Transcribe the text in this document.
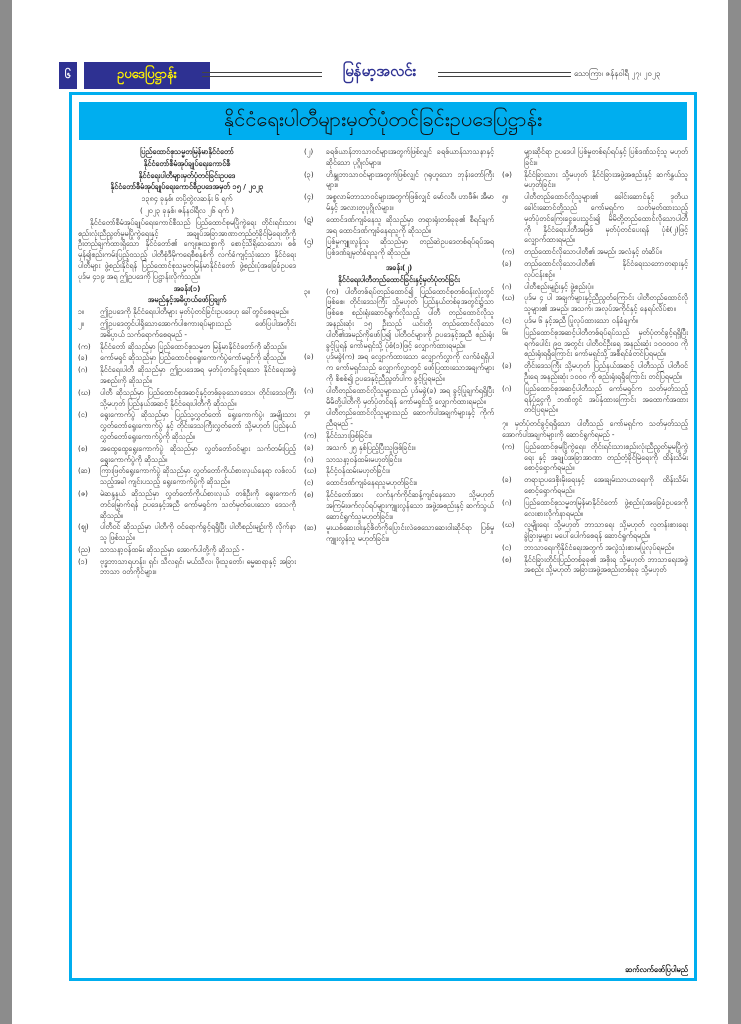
၆	ဥပဒေပြဋ္ဌာန်း	မြန်မာ့အလင်း	သောကြာ၊ ဇန်နဝါရီ ၂၇၊ ၂၀၂၃
နိုင်ငံရေးပါတီများမှတ်ပုံတင်ခြင်းဥပဒေပြဋ္ဌာန်း

ပြည်ထောင်စုသမ္မတမြန်မာနိုင်ငံတော်

နိုင်ငံတော်စီမံအုပ်ချုပ်ရေးကောင်စီ

နိုင်ငံရေးပါတီများမှတ်ပုံတင်ခြင်းဥပဒေ

နိုင်ငံတော်စီမံအုပ်ချုပ်ရေးကောင်စီဥပဒေအမှတ် ၁၅ / ၂၀၂၃

၁၃၈၄ ခုနှစ်၊ တပို့တွဲလဆန်း ၆ ရက်

( ၂၀၂၃ ခုနှစ်၊ ဇန်နဝါရီလ ၂၆ ရက် )

နိုင်ငံတော်စီမံအုပ်ချုပ်ရေးကောင်စီသည် ပြည်ထောင်စုမပြိုကွဲရေး တိုင်းရင်းသားစည်းလုံးညီညွတ်မှုမပြိုကွဲရေးနှင့် အချုပ်အခြာအာဏာတည်တံ့ခိုင်မြဲရေးတို့ကို ဦးတည်ချက်ထားရှိသော နိုင်ငံတော်၏ ကျေးဇူးသစ္စာကို စောင့်သိရိုသေသော၊ စစ်မှန်၍စည်းကမ်းပြည့်ဝသည့် ပါတီစုံဒီမိုကရေစီစနစ်ကို လက်ခံကျင့်သုံးသော နိုင်ငံရေးပါတီများ ဖွဲ့စည်းနိုင်ရန် ပြည်ထောင်စုသမ္မတမြန်မာနိုင်ငံတော် ဖွဲ့စည်းပုံအခြေခံဥပဒေပုဒ်မ ၄၁၉ အရ ဤဥပဒေကို ပြဋ္ဌာန်းလိုက်သည်။

အခန်း(၁)

အမည်နှင့်အဓိပ္ပာယ်ဖော်ပြချက်

၁။	ဤဥပဒေကို နိုင်ငံရေးပါတီများ မှတ်ပုံတင်ခြင်းဥပဒေဟု ခေါ်တွင်စေရမည်။
၂။	ဤဥပဒေတွင်ပါရှိသောအောက်ပါစကားရပ်များသည် ဖော်ပြပါအတိုင်း အဓိပ္ပာယ် သက်ရောက်စေရမည် -
(က)	နိုင်ငံတော် ဆိုသည်မှာ ပြည်ထောင်စုသမ္မတ မြန်မာနိုင်ငံတော်ကို ဆိုသည်။
(ခ)	ကော်မရှင် ဆိုသည်မှာ ပြည်ထောင်စုရွေးကောက်ပွဲကော်မရှင်ကို ဆိုသည်။
(ဂ)	နိုင်ငံရေးပါတီ ဆိုသည်မှာ ဤဥပဒေအရ မှတ်ပုံတင်ခွင့်ရသော နိုင်ငံရေးအဖွဲ့အစည်းကို ဆိုသည်။
(ဃ)	ပါတီ ဆိုသည်မှာ ပြည်ထောင်စုအဆင့်နှင့်တစ်ခုခုသောဒေသ၊ တိုင်းဒေသကြီး သို့မဟုတ် ပြည်နယ်အဆင့် နိုင်ငံရေးပါတီကို ဆိုသည်။
(င)	ရွေးကောက်ပွဲ ဆိုသည်မှာ ပြည်သူ့လွှတ်တော် ရွေးကောက်ပွဲ၊ အမျိုးသားလွှတ်တော်ရွေးကောက်ပွဲ နှင့် တိုင်းဒေသကြီးလွှတ်တော် သို့မဟုတ် ပြည်နယ်လွှတ်တော်ရွေးကောက်ပွဲကို ဆိုသည်။
(စ)	အထွေထွေရွေးကောက်ပွဲ ဆိုသည်မှာ လွှတ်တော်ဝင်များ သက်တမ်းပြည့်ရွေးကောက်ပွဲကို ဆိုသည်။
(ဆ)	ကြားဖြတ်ရွေးကောက်ပွဲ ဆိုသည်မှာ လွှတ်တော်ကိုယ်စားလှယ်နေရာ လစ်လပ်သည့်အခါ ကျင်းပသည့် ရွေးကောက်ပွဲကို ဆိုသည်။
(ဇ)	မဲဆန္ဒနယ် ဆိုသည်မှာ လွှတ်တော်ကိုယ်စားလှယ် တစ်ဦးကို ရွေးကောက်တင်မြှောက်ရန် ဥပဒေနှင့်အညီ ကော်မရှင်က သတ်မှတ်ပေးသော ဒေသကို ဆိုသည်။
(ဈ)	ပါတီဝင် ဆိုသည်မှာ ပါတီကို ဝင်ရောက်ခွင့်ရရှိပြီး ပါတီစည်းမျဉ်းကို လိုက်နာသူ ဖြစ်သည်။
(ည)	သာသနာ့ဝန်ထမ်း ဆိုသည်မှာ အောက်ပါတို့ကို ဆိုသည် -
(၁)	ဗုဒ္ဓဘာသာရဟန်း၊ ရှင်၊ သီလရှင်၊ မယ်သီလ၊ ဖိုးသူတော်၊ ဓမ္မဆရာနှင့် အခြားဘာသာ ဝတ်ကိုင်များ။
(၂)	ခရစ်ယာန်ဘာသာဝင်များအတွက်ဖြစ်လျှင် ခရစ်ယာန်သာသနာနှင့်ဆိုင်သော ပုဂ္ဂိုလ်များ။
(၃)	ဟိန္ဒူဘာသာဝင်များအတွက်ဖြစ်လျှင် ဂုရုဟူသော ဘုန်းတော်ကြီးများ။
(၄)	အစ္စလာမ်ဘာသာဝင်များအတွက်ဖြစ်လျှင် မော်လဝီ၊ ဟာဖီဇ်၊ အီမာမ်နှင့် အလားတူပုဂ္ဂိုလ်များ။
(ဋ)	ထောင်ဒဏ်ကျခံနေသူ ဆိုသည်မှာ တရားရုံးတစ်ခုခု၏ စီရင်ချက်အရ ထောင်ဒဏ်ကျခံနေရသူကို ဆိုသည်။
(ဌ)	ပြစ်မှုကျူးလွန်သူ ဆိုသည်မှာ တည်ဆဲဥပဒေတစ်ရပ်ရပ်အရ ပြစ်ဒဏ်ချမှတ်ခံရသူကို ဆိုသည်။

အခန်း(၂)

နိုင်ငံရေးပါတီတည်ထောင်ခြင်းနှင့်မှတ်ပုံတင်ခြင်း

၃။	(က) ပါတီတစ်ရပ်တည်ထောင်၍ ပြည်ထောင်စုတစ်ဝန်းလုံးတွင်ဖြစ်စေ၊ တိုင်းဒေသကြီး သို့မဟုတ် ပြည်နယ်တစ်ခုအတွင်း၌သာဖြစ်စေ စည်းရုံးဆောင်ရွက်လိုသည့် ပါတီ တည်ထောင်လိုသူ အနည်းဆုံး ၁၅ ဦးသည် ယင်းတို့ တည်ထောင်လိုသော ပါတီ၏အမည်ကိုဖော်ပြ၍ ပါတီဝင်များကို ဥပဒေနှင့်အညီ စည်းရုံးခွင့်ပြုရန် ကော်မရှင်သို့ ပုံစံ(၁)ဖြင့် လျှောက်ထားရမည်။
(ခ)	ပုဒ်မခွဲ(က) အရ လျှောက်ထားသော လျှောက်လွှာကို လက်ခံရရှိပါက ကော်မရှင်သည် လျှောက်လွှာတွင် ဖော်ပြထားသောအချက်များကို စိစစ်၍ ဥပဒေနှင့်ညီညွတ်ပါက ခွင့်ပြုရမည်။
(ဂ)	ပါတီတည်ထောင်လိုသူများသည် ပုဒ်မခွဲ(ခ) အရ ခွင့်ပြုချက်ရရှိပြီး မိမိတို့ပါတီကို မှတ်ပုံတင်ရန် ကော်မရှင်သို့ လျှောက်ထားရမည်။
၄။	ပါတီတည်ထောင်လိုသူများသည် ဆောက်ပါအချက်များနှင့် ကိုက်ညီရမည် -
(က)	နိုင်ငံသားဖြစ်ခြင်း။
(ခ)	အသက် ၂၅ နှစ်ပြည့်ပြီးသူဖြစ်ခြင်း။
(ဂ)	သာသနာ့ဝန်ထမ်းမဟုတ်ခြင်း။
(ဃ)	နိုင်ငံ့ဝန်ထမ်းမဟုတ်ခြင်း။
(င)	ထောင်ဒဏ်ကျခံနေရသူမဟုတ်ခြင်း။
(စ)	နိုင်ငံတော်အား လက်နက်ကိုင်ဆန့်ကျင်နေသော သို့မဟုတ် အကြမ်းဖက်လုပ်ရပ်များကျူးလွန်သော အဖွဲ့အစည်းနှင့် ဆက်သွယ်ဆောင်ရွက်သူမဟုတ်ခြင်း။
(ဆ)	မူးယစ်ဆေးဝါးနှင့်စိတ်ကိုပြောင်းလဲစေသောဆေးဝါးဆိုင်ရာ ပြစ်မှုကျူးလွန်သူ မဟုတ်ခြင်း။
များဆိုင်ရာ ဥပဒေပါ ပြစ်မှုတစ်ရပ်ရပ်နှင့် ပြစ်ဒဏ်သင့်သူ မဟုတ်ခြင်း။
(ဇ)	နိုင်ငံခြားသား သို့မဟုတ် နိုင်ငံခြားအဖွဲ့အစည်းနှင့် ဆက်နွှယ်သူ မဟုတ်ခြင်း။
၅။	ပါတီတည်ထောင်လိုသူများ၏ ခေါင်းဆောင်နှင့် ဒုတိယခေါင်းဆောင်တို့သည် ကော်မရှင်က သတ်မှတ်ထားသည့် မှတ်ပုံတင်ကြေးငွေပေးသွင်း၍ မိမိတို့တည်ထောင်လိုသောပါတီကို နိုင်ငံရေးပါတီအဖြစ် မှတ်ပုံတင်ပေးရန် ပုံစံ(၂)ဖြင့် လျှောက်ထားရမည်။
(က)	တည်ထောင်လိုသောပါတီ၏ အမည်၊ အလံနှင့် တံဆိပ်။
(ခ)	တည်ထောင်လိုသောပါတီ၏ နိုင်ငံရေးသဘောတရားနှင့် လုပ်ငန်းစဉ်။
(ဂ)	ပါတီစည်းမျဉ်းနှင့် ဖွဲ့စည်းပုံ။
(ဃ)	ပုဒ်မ ၄ ပါ အချက်များနှင့်ညီညွတ်ကြောင်း ပါတီတည်ထောင်လိုသူများ၏ အမည်၊ အသက်၊ အလုပ်အကိုင်နှင့် နေရပ်လိပ်စာ။
(င)	ပုဒ်မ ၆ နှင့်အညီ ပြုလုပ်ထားသော ဝန်ခံချက်။
၆။	ပြည်ထောင်စုအဆင့်ပါတီတစ်ရပ်ရပ်သည် မှတ်ပုံတင်ခွင့်ရရှိပြီး ရက်ပေါင်း ၉၀ အတွင်း ပါတီဝင်ဦးရေ အနည်းဆုံး ၁၀၀၀၀၀ ကို စည်းရုံးရရှိကြောင်း ကော်မရှင်သို့ အစီရင်ခံတင်ပြရမည်။
(ခ)	တိုင်းဒေသကြီး သို့မဟုတ် ပြည်နယ်အဆင့် ပါတီသည် ပါတီဝင်ဦးရေ အနည်းဆုံး ၁၀၀၀ ကို စည်းရုံးရရှိကြောင်း တင်ပြရမည်။
(ဂ)	ပြည်ထောင်စုအဆင့်ပါတီသည် ကော်မရှင်က သတ်မှတ်သည့် ရန်ပုံငွေကို ဘဏ်တွင် အပ်နှံထားကြောင်း အထောက်အထားတင်ပြရမည်။

၇။ မှတ်ပုံတင်ခွင့်ရရှိသော ပါတီသည် ကော်မရှင်က သတ်မှတ်သည့် အောက်ပါအချက်များကို ဆောင်ရွက်ရမည် -

(က)	ပြည်ထောင်စုမပြိုကွဲရေး၊ တိုင်းရင်းသားစည်းလုံးညီညွတ်မှုမပြိုကွဲရေး နှင့် အချုပ်အခြာအာဏာ တည်တံ့ခိုင်မြဲရေးကို ထိန်းသိမ်းစောင့်ရှောက်ရမည်။
(ခ)	တရားဥပဒေစိုးမိုးရေးနှင့် အေးချမ်းသာယာရေးကို ထိန်းသိမ်းစောင့်ရှောက်ရမည်။
(ဂ)	ပြည်ထောင်စုသမ္မတမြန်မာနိုင်ငံတော် ဖွဲ့စည်းပုံအခြေခံဥပဒေကို လေးစားလိုက်နာရမည်။
(ဃ)	လူမျိုးရေး သို့မဟုတ် ဘာသာရေး သို့မဟုတ် လူတန်းစားရေး ခွဲခြားမှုများ မပေါ်ပေါက်စေရန် ဆောင်ရွက်ရမည်။
(င)	ဘာသာရေးကိုနိုင်ငံရေးအတွက် အလွဲသုံးစားမပြုလုပ်ရမည်။
(စ)	နိုင်ငံခြားတိုင်းပြည်တစ်ခုခု၏ အစိုးရ သို့မဟုတ် ဘာသာရေးအဖွဲ့အစည်း သို့မဟုတ် အခြားအဖွဲ့အစည်းတစ်ခုခု သို့မဟုတ်
ဆက်လက်ဖော်ပြပါမည်
